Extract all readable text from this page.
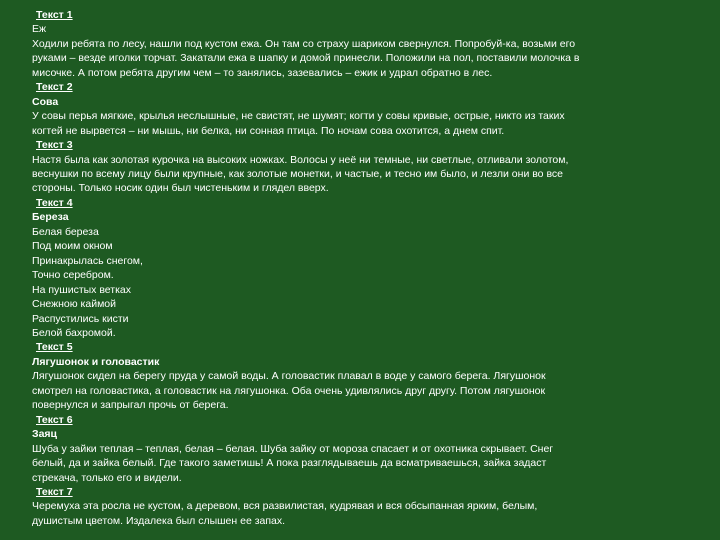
Текст 1

Еж

Ходили ребята по лесу, нашли под кустом ежа. Он там со страху шариком свернулся. Попробуй-ка, возьми его

руками – везде иголки торчат. Закатали ежа в шапку и домой принесли. Положили на пол, поставили молочка в

мисочке. А потом ребята другим чем – то занялись, зазевались – ежик и удрал обратно в лес.

Текст 2

Сова

У совы перья мягкие, крылья неслышные, не свистят, не шумят; когти у совы кривые, острые, никто из таких

когтей не вырвется – ни мышь, ни белка, ни сонная птица. По ночам сова охотится, а днем спит.

Текст 3

Настя была как золотая курочка на высоких ножках. Волосы у неё ни темные, ни светлые, отливали золотом,

веснушки по всему лицу были крупные, как золотые монетки, и частые, и тесно им было, и лезли они во все

стороны. Только носик один был чистеньким и глядел вверх.

Текст 4

Береза

Белая береза

Под моим окном

Принакрылась снегом,

Точно серебром.

На пушистых ветках

Снежною каймой

Распустились кисти

Белой бахромой.

Текст 5

Лягушонок и головастик

Лягушонок сидел на берегу пруда у самой воды. А головастик плавал в воде у самого берега. Лягушонок

смотрел на головастика, а головастик на лягушонка. Оба очень удивлялись друг другу. Потом лягушонок

повернулся и запрыгал прочь от берега.

Текст 6

Заяц

Шуба у зайки теплая – теплая, белая – белая. Шуба зайку от мороза спасает и от охотника скрывает. Снег

белый, да и зайка белый. Где такого заметишь! А пока разглядываешь да всматриваешься, зайка задаст

стрекача, только его и видели.

Текст 7

Черемуха эта росла не кустом, а деревом, вся развилистая, кудрявая и вся обсыпанная ярким, белым,

душистым цветом. Издалека был слышен ее запах.
